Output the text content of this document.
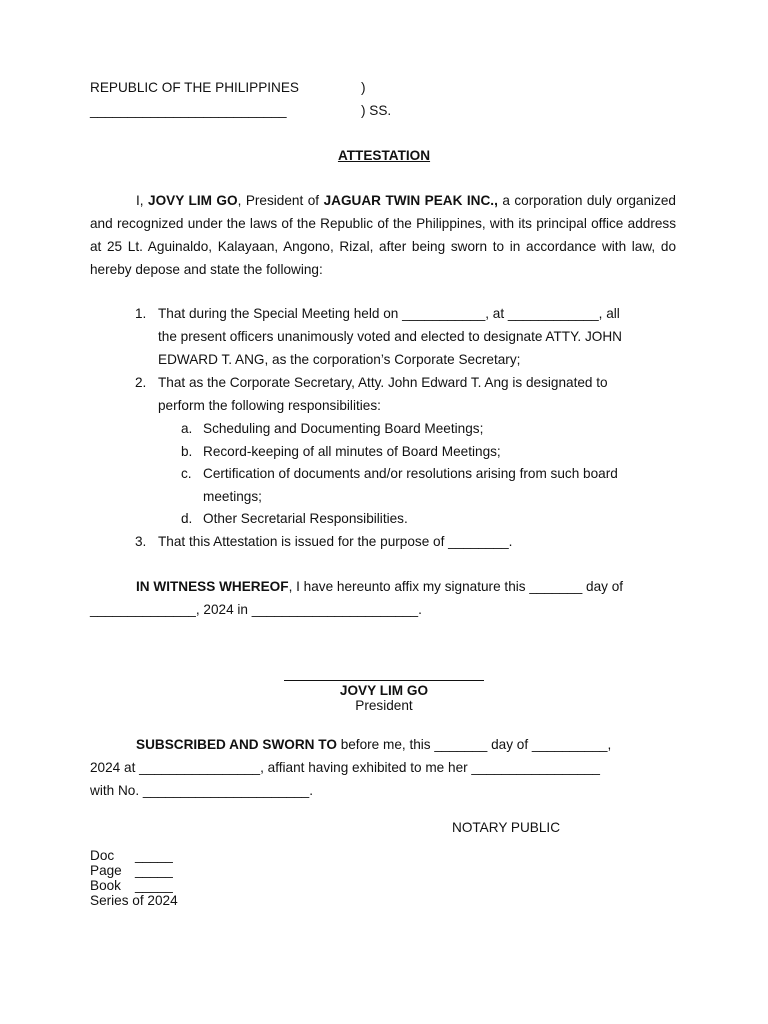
REPUBLIC OF THE PHILIPPINES	)
__________________________	) SS.
ATTESTATION
I, JOVY LIM GO, President of JAGUAR TWIN PEAK INC., a corporation duly organized and recognized under the laws of the Republic of the Philippines, with its principal office address at 25 Lt. Aguinaldo, Kalayaan, Angono, Rizal, after being sworn to in accordance with law, do hereby depose and state the following:
1. That during the Special Meeting held on ___________, at ____________, all
the present officers unanimously voted and elected to designate ATTY. JOHN
EDWARD T. ANG, as the corporation’s Corporate Secretary;
2. That as the Corporate Secretary, Atty. John Edward T. Ang is designated to
perform the following responsibilities:
a. Scheduling and Documenting Board Meetings;
b. Record-keeping of all minutes of Board Meetings;
c. Certification of documents and/or resolutions arising from such board
meetings;
d. Other Secretarial Responsibilities.
3. That this Attestation is issued for the purpose of ________.
IN WITNESS WHEREOF, I have hereunto affix my signature this _______ day of
______________, 2024 in ______________________.
JOVY LIM GO
President
SUBSCRIBED AND SWORN TO before me, this _______ day of __________,
2024 at ________________, affiant having exhibited to me her _________________
with No. ______________________.
NOTARY PUBLIC
Doc _____
Page _____
Book _____
Series of 2024
